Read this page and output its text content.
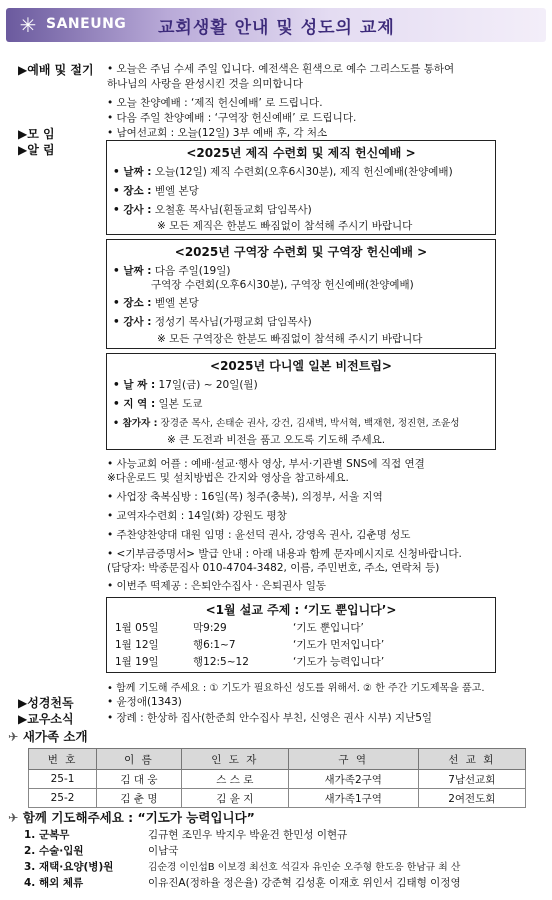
✳ SANEUNG 교회생활 안내 및 성도의 교제
▶예배 및 절기 • 오늘은 주님 수세 주일 입니다. 예전색은 흰색으로 예수 그리스도를 통하여
하나님의 사랑을 완성시킨 것을 의미합니다
• 오늘 찬양예배 : ‘제직 헌신예배’ 로 드립니다.
• 다음 주일 찬양예배 : ‘구역장 헌신예배’ 로 드립니다.
▶모 임	• 남여선교회 : 오늘(12일) 3부 예배 후, 각 처소
▶알 림	<2025년 제직 수련회 및 제직 헌신예배 >
• 날짜 : 오늘(12일) 제직 수련회(오후6시30분), 제직 헌신예배(찬양예배)
• 장소 : 벧엘 본당
• 강사 : 오철훈 목사님(흰돌교회 담임목사)
※ 모든 제직은 한분도 빠짐없이 참석해 주시기 바랍니다
<2025년 구역장 수련회 및 구역장 헌신예배 >
• 날짜 : 다음 주일(19일)
구역장 수련회(오후6시30분), 구역장 헌신예배(찬양예배)
• 장소 : 벧엘 본당
• 강사 : 정성기 목사님(가평교회 담임목사)
※ 모든 구역장은 한분도 빠짐없이 참석해 주시기 바랍니다
<2025년 다니엘 일본 비전트립>
• 날 짜 : 17일(금) ~ 20일(월)
• 지 역 : 일본 도쿄
• 참가자 : 장경준 목사, 손태순 권사, 강건, 김새벽, 박서혁, 백재현, 정진현, 조윤성
※ 큰 도전과 비전을 품고 오도록 기도해 주세요.
• 사능교회 어플 : 예배·설교·행사 영상, 부서·기관별 SNS에 직접 연결
※다운로드 및 설치방법은 간지와 영상을 참고하세요.
• 사업장 축복심방 : 16일(목) 청주(충북), 의정부, 서울 지역
• 교역자수련회 : 14일(화) 강원도 평창
• 주찬양찬양대 대원 임명 : 윤선덕 권사, 강영옥 권사, 김춘명 성도
• <기부금증명서> 발급 안내 : 아래 내용과 함께 문자메시지로 신청바랍니다.
(담당자: 박종문집사 010-4704-3482, 이름, 주민번호, 주소, 연락처 등)
• 이번주 떡제공 : 은퇴안수집사 · 은퇴권사 일동
<1월 설교 주제 : ‘기도 뿐입니다’>
1월 05일	막9:29	‘기도 뿐입니다’
1월 12일	행6:1~7	‘기도가 먼저입니다’
1월 19일	행12:5~12	‘기도가 능력입니다’
• 함께 기도해 주세요 : ① 기도가 필요하신 성도를 위해서. ② 한 주간 기도제목을 품고.
▶성경천독	• 윤정애(1343)
▶교우소식	• 장례 : 한상하 집사(한준희 안수집사 부친, 신영은 권사 시부) 지난5일
✈ 새가족 소개
번 호	이 름	인 도 자	구 역	선 교 회
25-1	김 대 웅	스 스 로	새가족2구역	7남선교회
25-2	김 춘 명	김 윤 지	새가족1구역	2여전도회
✈ 함께 기도해주세요 : “기도가 능력입니다”
1. 군복무	김규현 조민우 박지우 박윤건 한민성 이현규
2. 수술·입원	이남국
3. 재택·요양(병)원	김순경 이인섭B 이보경 최선호 석길자 유인순 오주형 한도응 한남규 최 산
4. 해외 체류	이유진A(정하율 정은율) 강준혁 김성훈 이재호 위인서 김태형 이정영
